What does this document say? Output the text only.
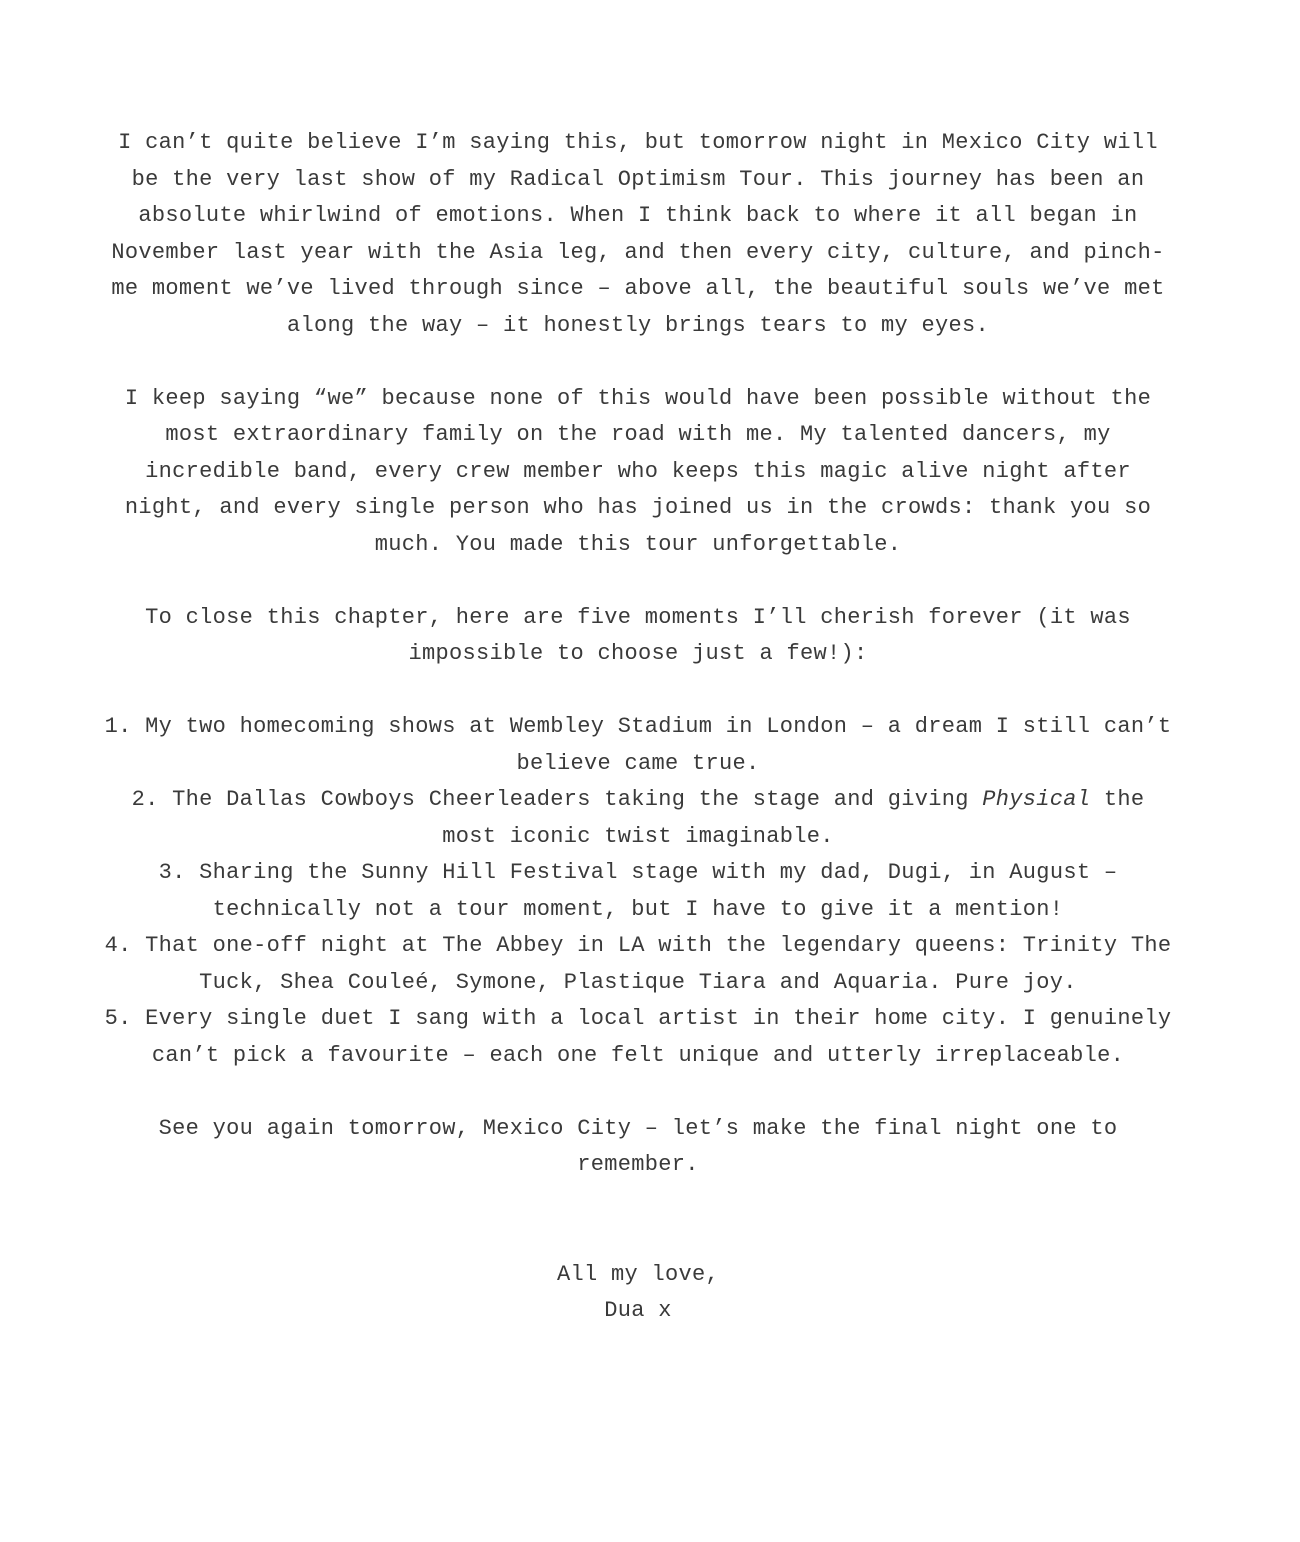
I can’t quite believe I’m saying this, but tomorrow night in Mexico City will be the very last show of my Radical Optimism Tour. This journey has been an absolute whirlwind of emotions. When I think back to where it all began in November last year with the Asia leg, and then every city, culture, and pinch-me moment we’ve lived through since – above all, the beautiful souls we’ve met along the way – it honestly brings tears to my eyes.

I keep saying “we” because none of this would have been possible without the most extraordinary family on the road with me. My talented dancers, my incredible band, every crew member who keeps this magic alive night after night, and every single person who has joined us in the crowds: thank you so much. You made this tour unforgettable.

To close this chapter, here are five moments I’ll cherish forever (it was impossible to choose just a few!):

1. My two homecoming shows at Wembley Stadium in London – a dream I still can’t believe came true.
2. The Dallas Cowboys Cheerleaders taking the stage and giving Physical the most iconic twist imaginable.
3. Sharing the Sunny Hill Festival stage with my dad, Dugi, in August – technically not a tour moment, but I have to give it a mention!
4. That one-off night at The Abbey in LA with the legendary queens: Trinity The Tuck, Shea Couleé, Symone, Plastique Tiara and Aquaria. Pure joy.
5. Every single duet I sang with a local artist in their home city. I genuinely can’t pick a favourite – each one felt unique and utterly irreplaceable.

See you again tomorrow, Mexico City – let’s make the final night one to remember.

All my love,

Dua x
